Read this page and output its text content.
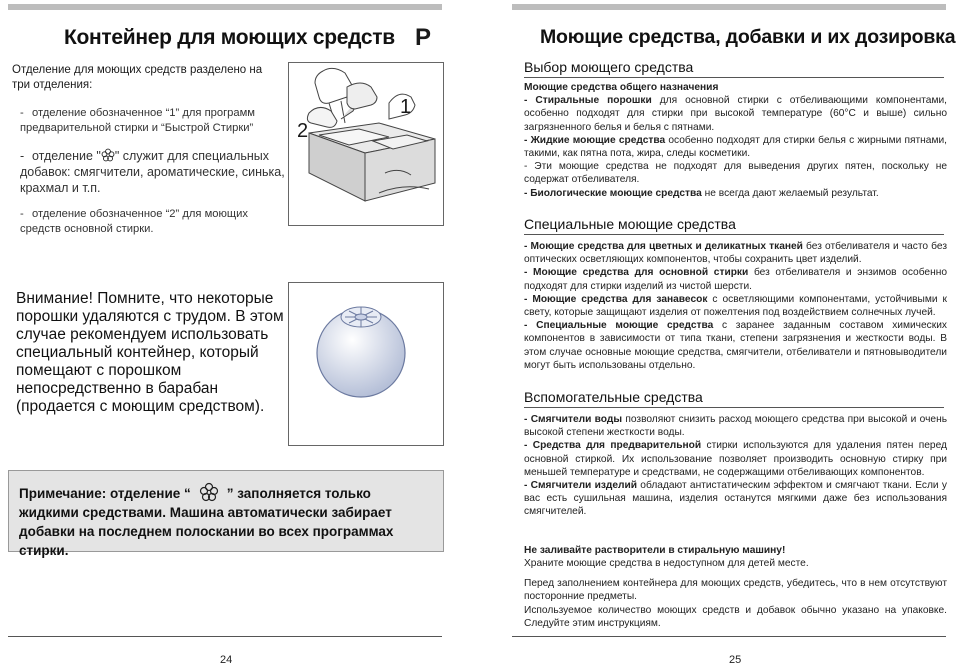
Контейнер для моющих средств P
Отделение для моющих средств разделено на три отделения:
- отделение обозначенное “1” для программ предварительной стирки и “Быстрой Стирки”
- отделение " " служит для специальных добавок: смягчители, ароматические, синька, крахмал и т.п.
- отделение обозначенное “2” для моющих средств основной стирки.
2
1
Внимание! Помните, что некоторые порошки удаляются с трудом. В этом случае рекомендуем использовать специальный контейнер, который помещают с порошком непосредственно в барабан (продается с моющим средством).
Примечание: отделение “	” заполняется только жидкими средствами. Машина автоматически забирает добавки на последнем полоскании во всех программах стирки.
24
Моющие средства, добавки и их дозировка
Выбор моющего средства
Моющие средства общего назначения
- Стиральные порошки для основной стирки с отбеливающими компонентами, особенно подходят для стирки при высокой температуре (60°С и выше) сильно загрязненного белья и белья с пятнами.
- Жидкие моющие средства особенно подходят для стирки белья с жирными пятнами, такими, как пятна пота, жира, следы косметики.
- Эти моющие средства не подходят для выведения других пятен, поскольку не содержат отбеливателя.
- Биологические моющие средства не всегда дают желаемый результат.
Специальные моющие средства
- Моющие средства для цветных и деликатных тканей без отбеливателя и часто без оптических осветляющих компонентов, чтобы сохранить цвет изделий.
- Моющие средства для основной стирки без отбеливателя и энзимов особенно подходят для стирки изделий из чистой шерсти.
- Моющие средства для занавесок с осветляющими компонентами, устойчивыми к свету, которые защищают изделия от пожелтения под воздействием солнечных лучей.
- Специальные моющие средства с заранее заданным составом химических компонентов в зависимости от типа ткани, степени загрязнения и жесткости воды. В этом случае основные моющие средства, смягчители, отбеливатели и пятновыводители могут быть использованы отдельно.
Вспомогательные средства
- Смягчители воды позволяют снизить расход моющего средства при высокой и очень высокой степени жесткости воды.
- Средства для предварительной стирки используются для удаления пятен перед основной стиркой. Их использование позволяет производить основную стирку при меньшей температуре и средствами, не содержащими отбеливающих компонентов.
- Смягчители изделий обладают антистатическим эффектом и смягчают ткани. Если у вас есть сушильная машина, изделия останутся мягкими даже без использования смягчителей.
Не заливайте растворители в стиральную машину!
Храните моющие средства в недоступном для детей месте.
Перед заполнением контейнера для моющих средств, убедитесь, что в нем отсутствуют посторонние предметы.
Используемое количество моющих средств и добавок обычно указано на упаковке. Следуйте этим инструкциям.
25
